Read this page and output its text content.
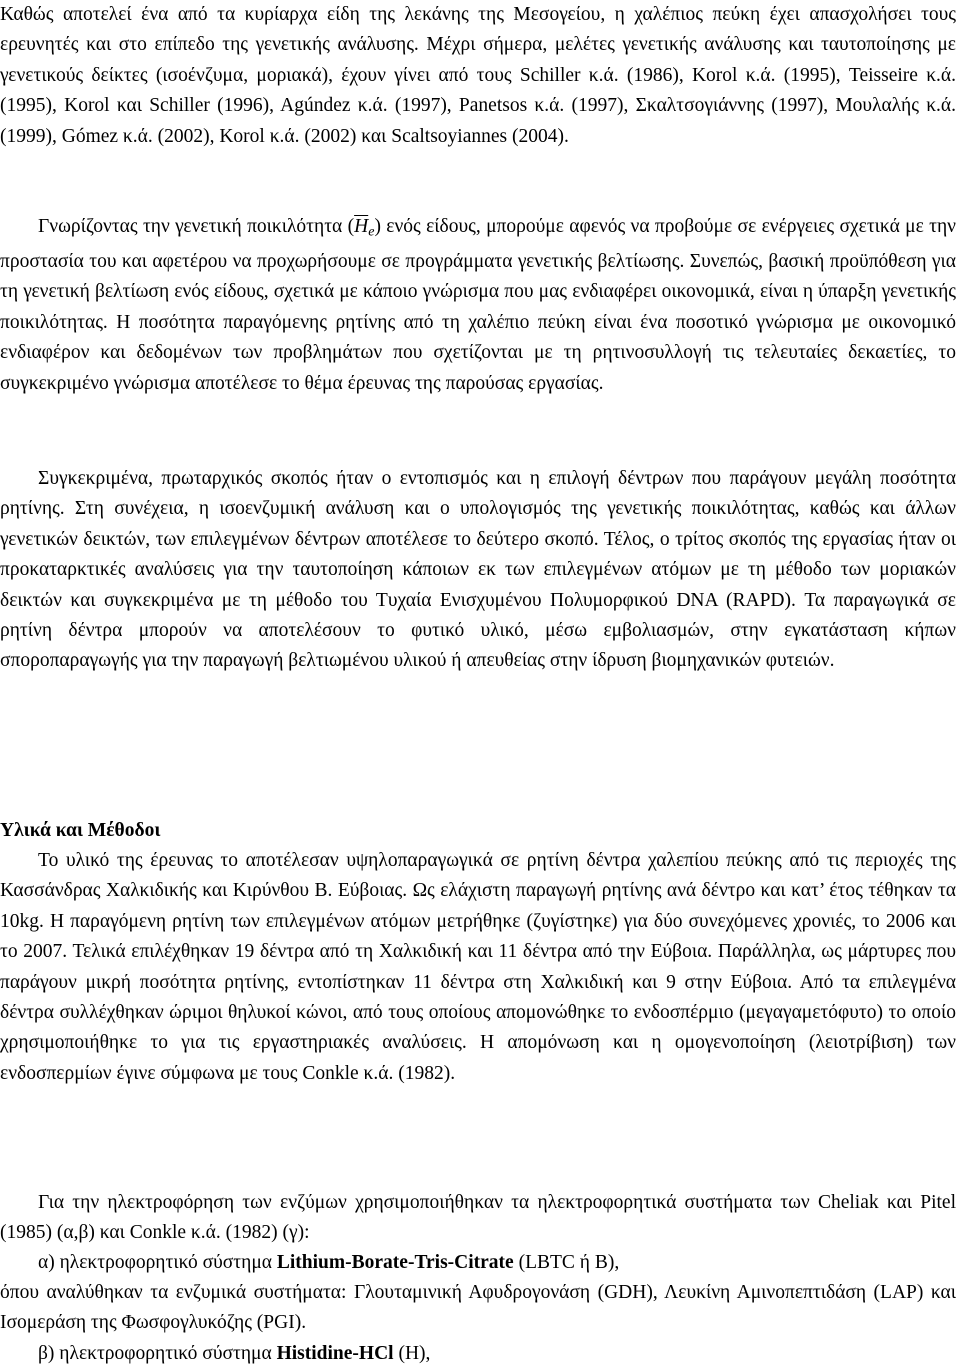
Καθώς αποτελεί ένα από τα κυρίαρχα είδη της λεκάνης της Μεσογείου, η χαλέπιος πεύκη έχει απασχολήσει τους ερευνητές και στο επίπεδο της γενετικής ανάλυσης. Μέχρι σήμερα, μελέτες γενετικής ανάλυσης και ταυτοποίησης με γενετικούς δείκτες (ισοένζυμα, μοριακά), έχουν γίνει από τους Schiller κ.ά. (1986), Korol κ.ά. (1995), Teisseire κ.ά. (1995), Korol και Schiller (1996), Agúndez κ.ά. (1997), Panetsos κ.ά. (1997), Σκαλτσογιάννης (1997), Μουλαλής κ.ά. (1999), Gómez κ.ά. (2002), Korol κ.ά. (2002) και Scaltsoyiannes (2004).

Γνωρίζοντας την γενετική ποικιλότητα $(\overline{H}_e)$ ενός είδους, μπορούμε αφενός να προβούμε σε ενέργειες σχετικά με την προστασία του και αφετέρου να προχωρήσουμε σε προγράμματα γενετικής βελτίωσης. Συνεπώς, βασική προϋπόθεση για τη γενετική βελτίωση ενός είδους, σχετικά με κάποιο γνώρισμα που μας ενδιαφέρει οικονομικά, είναι η ύπαρξη γενετικής ποικιλότητας. Η ποσότητα παραγόμενης ρητίνης από τη χαλέπιο πεύκη είναι ένα ποσοτικό γνώρισμα με οικονομικό ενδιαφέρον και δεδομένων των προβλημάτων που σχετίζονται με τη ρητινοσυλλογή τις τελευταίες δεκαετίες, το συγκεκριμένο γνώρισμα αποτέλεσε το θέμα έρευνας της παρούσας εργασίας.

Συγκεκριμένα, πρωταρχικός σκοπός ήταν ο εντοπισμός και η επιλογή δέντρων που παράγουν μεγάλη ποσότητα ρητίνης. Στη συνέχεια, η ισοενζυμική ανάλυση και ο υπολογισμός της γενετικής ποικιλότητας, καθώς και άλλων γενετικών δεικτών, των επιλεγμένων δέντρων αποτέλεσε το δεύτερο σκοπό. Τέλος, ο τρίτος σκοπός της εργασίας ήταν οι προκαταρκτικές αναλύσεις για την ταυτοποίηση κάποιων εκ των επιλεγμένων ατόμων με τη μέθοδο των μοριακών δεικτών και συγκεκριμένα με τη μέθοδο του Τυχαία Ενισχυμένου Πολυμορφικού DNA (RAPD). Τα παραγωγικά σε ρητίνη δέντρα μπορούν να αποτελέσουν το φυτικό υλικό, μέσω εμβολιασμών, στην εγκατάσταση κήπων σποροπαραγωγής για την παραγωγή βελτιωμένου υλικού ή απευθείας στην ίδρυση βιομηχανικών φυτειών.

Υλικά και Μέθοδοι

Το υλικό της έρευνας το αποτέλεσαν υψηλοπαραγωγικά σε ρητίνη δέντρα χαλεπίου πεύκης από τις περιοχές της Κασσάνδρας Χαλκιδικής και Κιρύνθου Β. Εύβοιας. Ως ελάχιστη παραγωγή ρητίνης ανά δέντρο και κατ’ έτος τέθηκαν τα 10kg. Η παραγόμενη ρητίνη των επιλεγμένων ατόμων μετρήθηκε (ζυγίστηκε) για δύο συνεχόμενες χρονιές, το 2006 και το 2007. Τελικά επιλέχθηκαν 19 δέντρα από τη Χαλκιδική και 11 δέντρα από την Εύβοια. Παράλληλα, ως μάρτυρες που παράγουν μικρή ποσότητα ρητίνης, εντοπίστηκαν 11 δέντρα στη Χαλκιδική και 9 στην Εύβοια. Από τα επιλεγμένα δέντρα συλλέχθηκαν ώριμοι θηλυκοί κώνοι, από τους οποίους απομονώθηκε το ενδοσπέρμιο (μεγαγαμετόφυτο) το οποίο χρησιμοποιήθηκε το για τις εργαστηριακές αναλύσεις. Η απομόνωση και η ομογενοποίηση (λειοτρίβιση) των ενδοσπερμίων έγινε σύμφωνα με τους Conkle κ.ά. (1982).

Για την ηλεκτροφόρηση των ενζύμων χρησιμοποιήθηκαν τα ηλεκτροφορητικά συστήματα των Cheliak και Pitel (1985) (α,β) και Conkle κ.ά. (1982) (γ):

α) ηλεκτροφορητικό σύστημα Lithium-Borate-Tris-Citrate (LBTC ή B),

όπου αναλύθηκαν τα ενζυμικά συστήματα: Γλουταμινική Αφυδρογονάση (GDH), Λευκίνη Αμινοπεπτιδάση (LAP) και Ισομεράση της Φωσφογλυκόζης (PGI).

β) ηλεκτροφορητικό σύστημα Histidine-HCl (H),
